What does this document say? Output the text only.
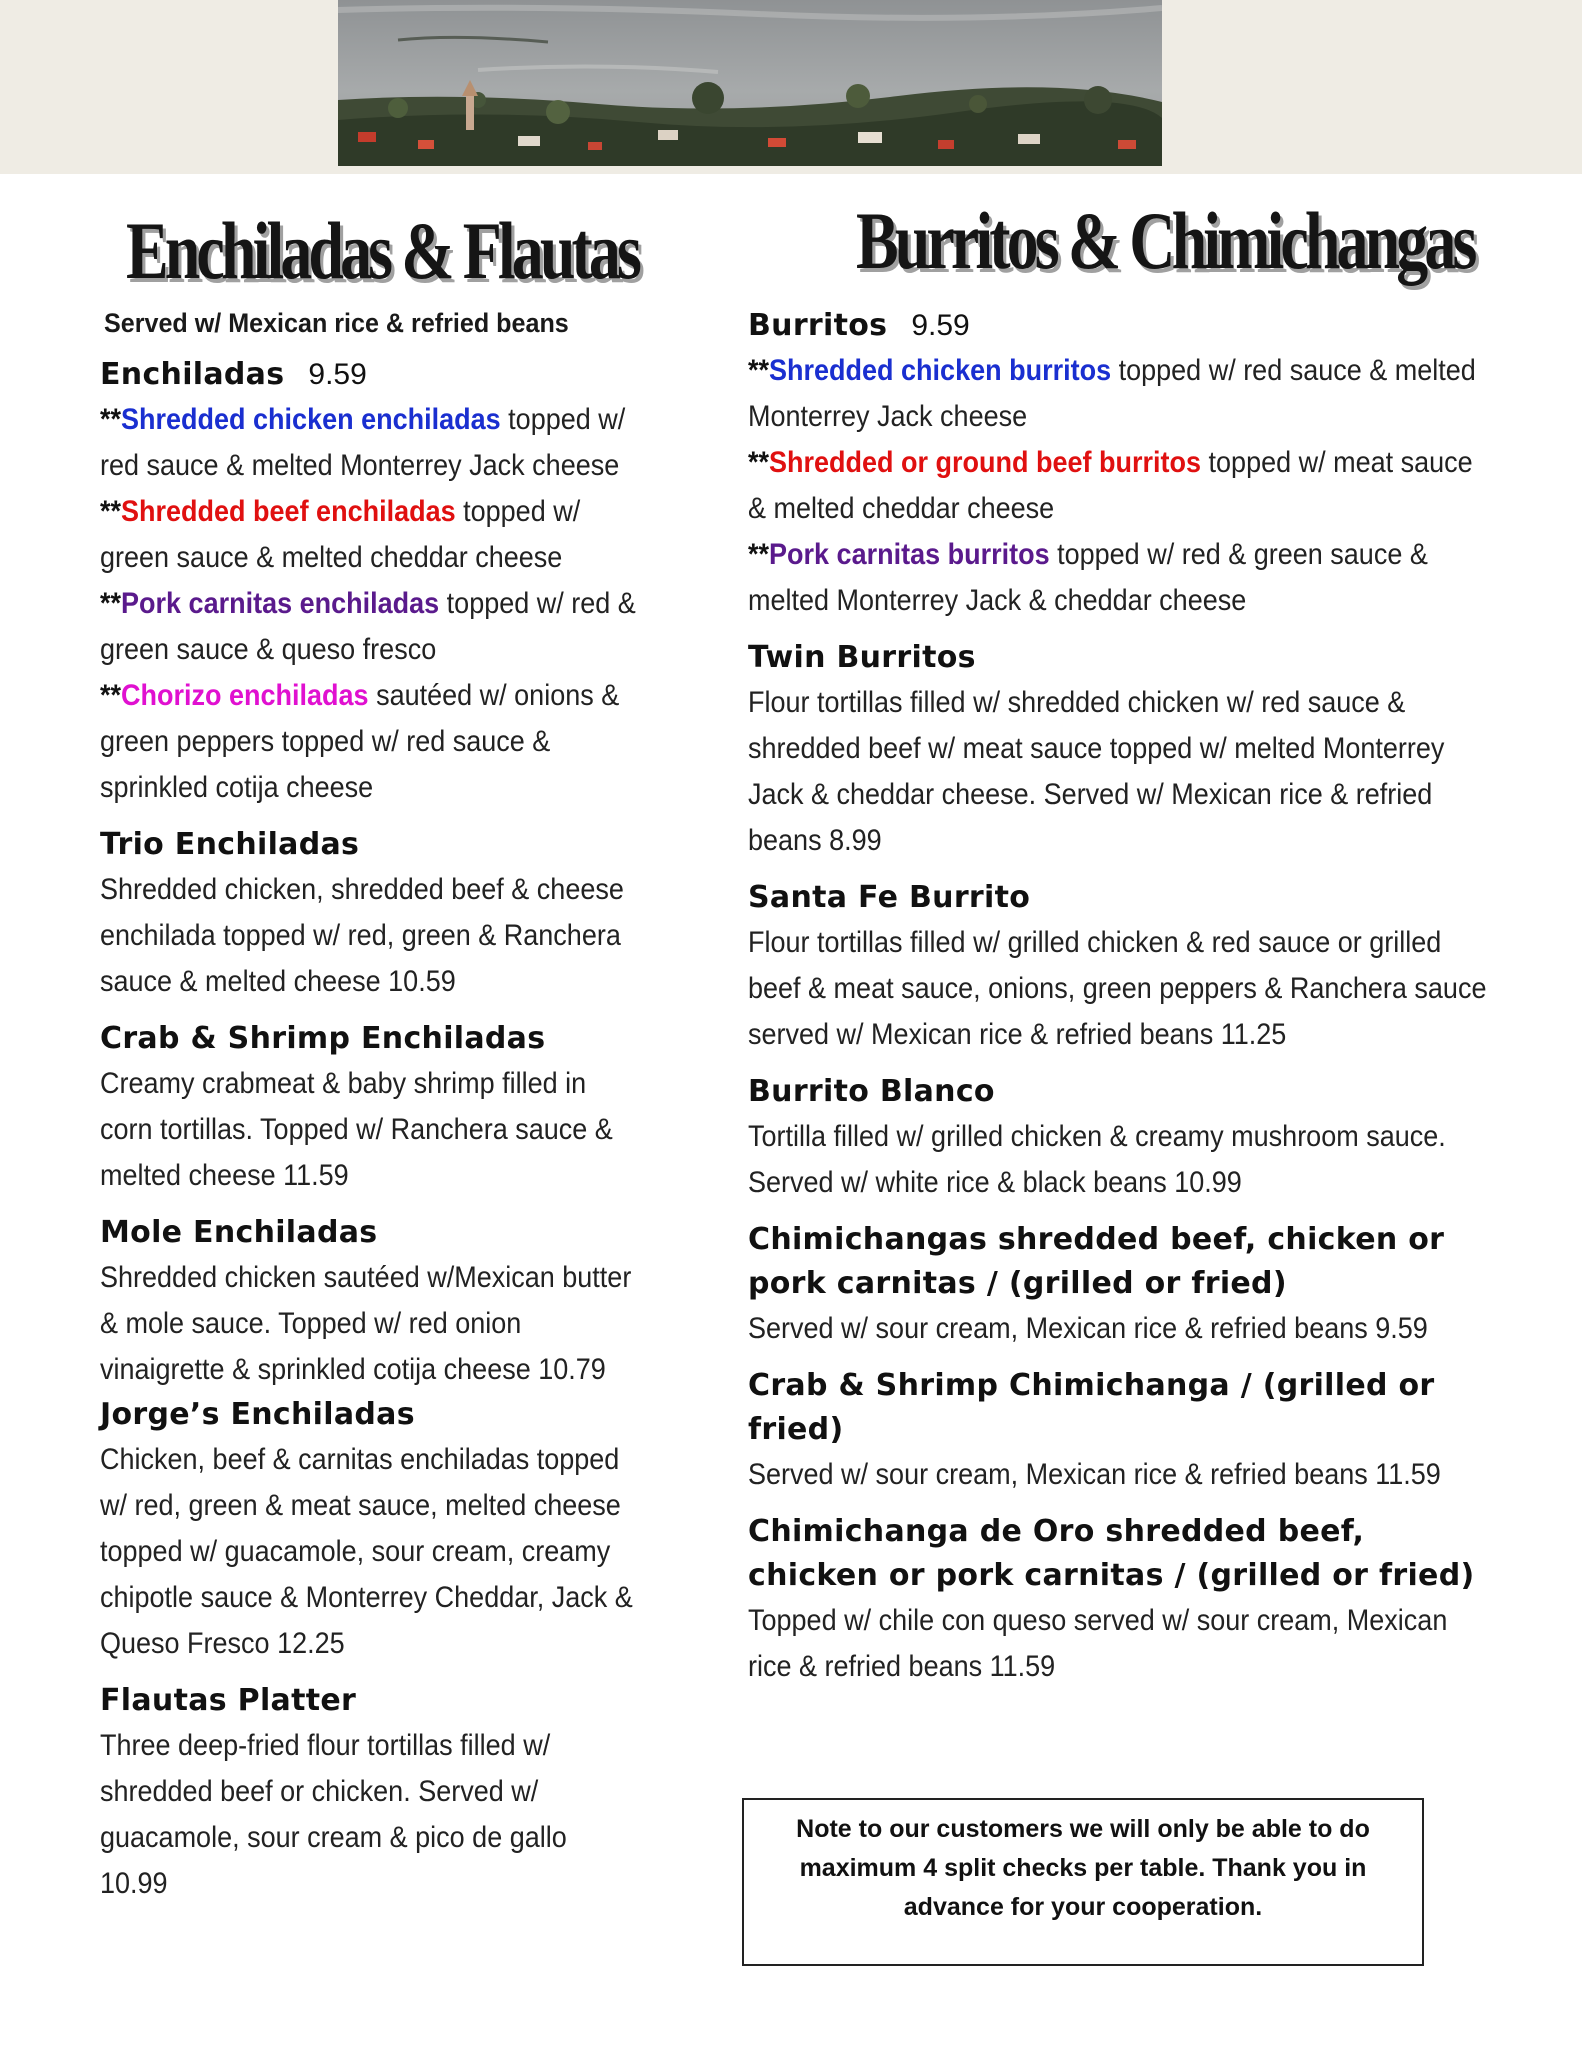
Enchiladas & Flautas
Served w/ Mexican rice & refried beans
Enchiladas 9.59
**Shredded chicken enchiladas topped w/ red sauce & melted Monterrey Jack cheese
**Shredded beef enchiladas topped w/ green sauce & melted cheddar cheese
**Pork carnitas enchiladas topped w/ red & green sauce & queso fresco
**Chorizo enchiladas sautéed w/ onions & green peppers topped w/ red sauce & sprinkled cotija cheese
Trio Enchiladas
Shredded chicken, shredded beef & cheese enchilada topped w/ red, green & Ranchera sauce & melted cheese 10.59
Crab & Shrimp Enchiladas
Creamy crabmeat & baby shrimp filled in corn tortillas. Topped w/ Ranchera sauce & melted cheese 11.59
Mole Enchiladas
Shredded chicken sautéed w/Mexican butter & mole sauce. Topped w/ red onion vinaigrette & sprinkled cotija cheese 10.79
Jorge’s Enchiladas
Chicken, beef & carnitas enchiladas topped w/ red, green & meat sauce, melted cheese topped w/ guacamole, sour cream, creamy chipotle sauce & Monterrey Cheddar, Jack & Queso Fresco 12.25
Flautas Platter
Three deep-fried flour tortillas filled w/ shredded beef or chicken. Served w/ guacamole, sour cream & pico de gallo 10.99
Burritos & Chimichangas
Burritos 9.59
**Shredded chicken burritos topped w/ red sauce & melted Monterrey Jack cheese
**Shredded or ground beef burritos topped w/ meat sauce & melted cheddar cheese
**Pork carnitas burritos topped w/ red & green sauce & melted Monterrey Jack & cheddar cheese
Twin Burritos
Flour tortillas filled w/ shredded chicken w/ red sauce & shredded beef w/ meat sauce topped w/ melted Monterrey Jack & cheddar cheese. Served w/ Mexican rice & refried beans 8.99
Santa Fe Burrito
Flour tortillas filled w/ grilled chicken & red sauce or grilled beef & meat sauce, onions, green peppers & Ranchera sauce served w/ Mexican rice & refried beans 11.25
Burrito Blanco
Tortilla filled w/ grilled chicken & creamy mushroom sauce. Served w/ white rice & black beans 10.99
Chimichangas shredded beef, chicken or pork carnitas / (grilled or fried)
Served w/ sour cream, Mexican rice & refried beans 9.59
Crab & Shrimp Chimichanga / (grilled or fried)
Served w/ sour cream, Mexican rice & refried beans 11.59
Chimichanga de Oro shredded beef, chicken or pork carnitas / (grilled or fried)
Topped w/ chile con queso served w/ sour cream, Mexican rice & refried beans 11.59
Note to our customers we will only be able to do maximum 4 split checks per table. Thank you in advance for your cooperation.
